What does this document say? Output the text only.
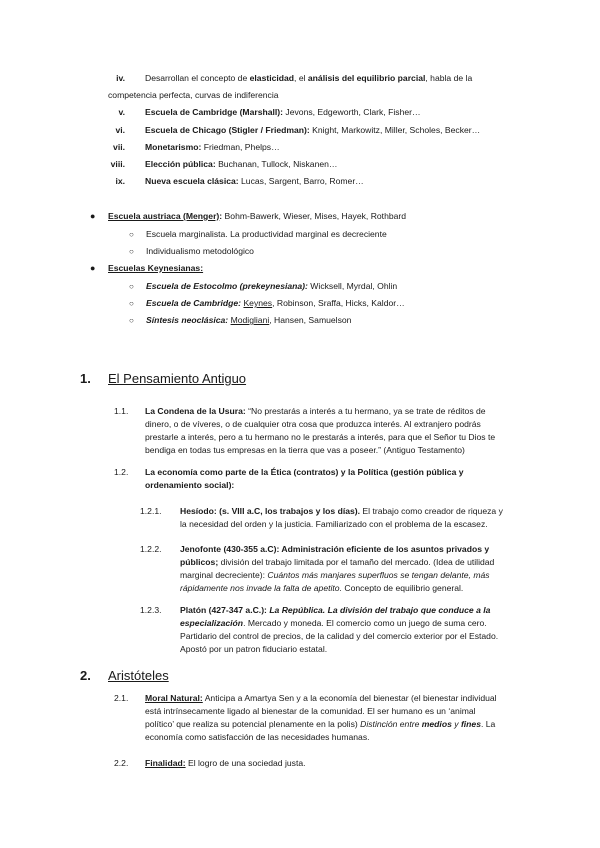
iv. Desarrollan el concepto de elasticidad, el análisis del equilibrio parcial, habla de la
competencia perfecta, curvas de indiferencia
v. Escuela de Cambridge (Marshall): Jevons, Edgeworth, Clark, Fisher…
vi. Escuela de Chicago (Stigler / Friedman): Knight, Markowitz, Miller, Scholes, Becker…
vii. Monetarismo: Friedman, Phelps…
viii. Elección pública: Buchanan, Tullock, Niskanen…
ix. Nueva escuela clásica: Lucas, Sargent, Barro, Romer…
● Escuela austriaca (Menger): Bohm-Bawerk, Wieser, Mises, Hayek, Rothbard
○ Escuela marginalista. La productividad marginal es decreciente
○ Individualismo metodológico
● Escuelas Keynesianas:
○ Escuela de Estocolmo (prekeynesiana): Wicksell, Myrdal, Ohlin
○ Escuela de Cambridge: Keynes, Robinson, Sraffa, Hicks, Kaldor…
○ Síntesis neoclásica: Modigliani, Hansen, Samuelson
1. El Pensamiento Antiguo
1.1. La Condena de la Usura: “No prestarás a interés a tu hermano, ya se trate de réditos de
dinero, o de víveres, o de cualquier otra cosa que produzca interés. Al extranjero podrás
prestarle a interés, pero a tu hermano no le prestarás a interés, para que el Señor tu Dios te
bendiga en todas tus empresas en la tierra que vas a poseer.” (Antiguo Testamento)
1.2. La economía como parte de la Ética (contratos) y la Política (gestión pública y
ordenamiento social):
1.2.1. Hesíodo: (s. VIII a.C, los trabajos y los días). El trabajo como creador de riqueza y
la necesidad del orden y la justicia. Familiarizado con el problema de la escasez.
1.2.2. Jenofonte (430-355 a.C): Administración eficiente de los asuntos privados y
públicos; división del trabajo limitada por el tamaño del mercado. (Idea de utilidad
marginal decreciente): Cuántos más manjares superfluos se tengan delante, más
rápidamente nos invade la falta de apetito. Concepto de equilibrio general.
1.2.3. Platón (427-347 a.C.): La República. La división del trabajo que conduce a la
especialización. Mercado y moneda. El comercio como un juego de suma cero.
Partidario del control de precios, de la calidad y del comercio exterior por el Estado.
Apostó por un patron fiduciario estatal.
2. Aristóteles
2.1. Moral Natural: Anticipa a Amartya Sen y a la economía del bienestar (el bienestar individual
está intrínsecamente ligado al bienestar de la comunidad. El ser humano es un ‘animal
político’ que realiza su potencial plenamente en la polis) Distinción entre medios y fines. La
economía como satisfacción de las necesidades humanas.
2.2. Finalidad: El logro de una sociedad justa.
